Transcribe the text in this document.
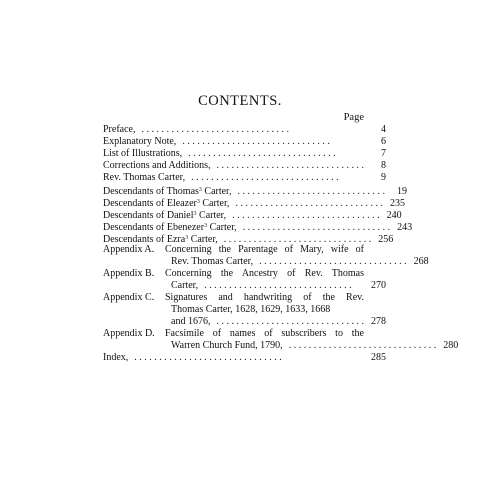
CONTENTS.
Page
Preface, . . . . . . . . . . . . . . . . . . . . . . . . . . . . . .	4
Explanatory Note, . . . . . . . . . . . . . . . . . . . . . . . . . . . . . .	6
List of Illustrations, . . . . . . . . . . . . . . . . . . . . . . . . . . . . . .	7
Corrections and Additions, . . . . . . . . . . . . . . . . . . . . . . . . . . . . . .	8
Rev. Thomas Carter, . . . . . . . . . . . . . . . . . . . . . . . . . . . . . .	9
Descendants of Thomas$^3$ Carter, . . . . . . . . . . . . . . . . . . . . . . . . . . . . . .	19
Descendants of Eleazer$^3$ Carter, . . . . . . . . . . . . . . . . . . . . . . . . . . . . . . 235
Descendants of Daniel$^3$ Carter, . . . . . . . . . . . . . . . . . . . . . . . . . . . . . . 240
Descendants of Ebenezer$^3$ Carter, . . . . . . . . . . . . . . . . . . . . . . . . . . . . . . 243
Descendants of Ezra$^3$ Carter, . . . . . . . . . . . . . . . . . . . . . . . . . . . . . . 256
Appendix A.	Concerning the Parentage of Mary, wife of
Rev. Thomas Carter, . . . . . . . . . . . . . . . . . . . . . . . . . . . . . . 268
Appendix B.	Concerning the Ancestry of Rev. Thomas
Carter, . . . . . . . . . . . . . . . . . . . . . . . . . . . . . .	270
Appendix C.	Signatures and handwriting of the Rev.
Thomas Carter, 1628, 1629, 1633, 1668
and 1676, . . . . . . . . . . . . . . . . . . . . . . . . . . . . . . 278
Appendix D.	Facsimile of names of subscribers to the
Warren Church Fund, 1790, . . . . . . . . . . . . . . . . . . . . . . . . . . . . . . 280
Index, . . . . . . . . . . . . . . . . . . . . . . . . . . . . . .	285
